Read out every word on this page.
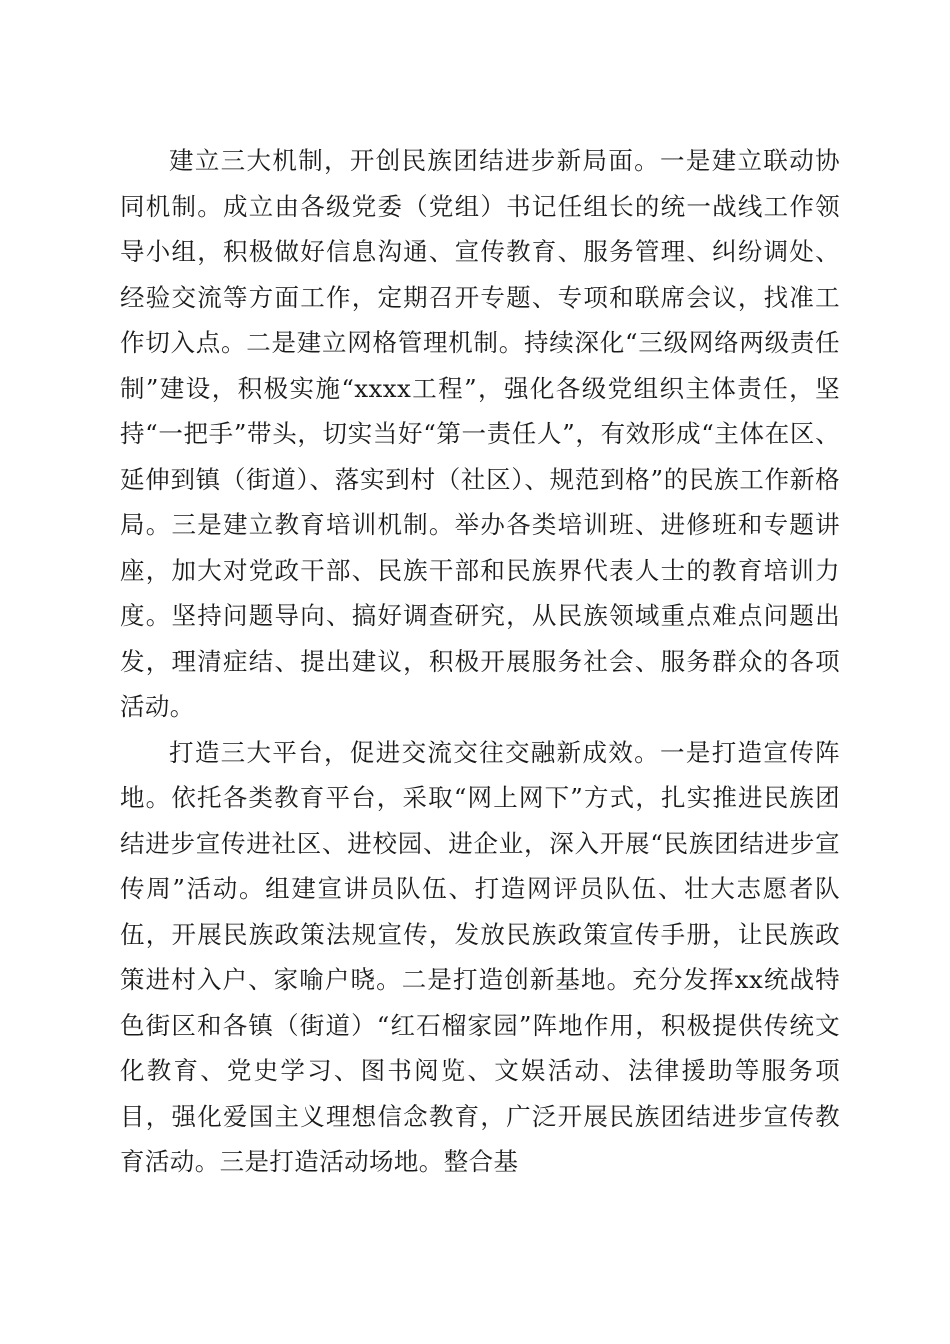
建立三大机制，开创民族团结进步新局面。一是建立联动协同机制。成立由各级党委（党组）书记任组长的统一战线工作领导小组，积极做好信息沟通、宣传教育、服务管理、纠纷调处、经验交流等方面工作，定期召开专题、专项和联席会议，找准工作切入点。二是建立网格管理机制。持续深化“三级网络两级责任制”建设，积极实施“xxxx工程”，强化各级党组织主体责任，坚持“一把手”带头，切实当好“第一责任人”，有效形成“主体在区、延伸到镇（街道）、落实到村（社区）、规范到格”的民族工作新格局。三是建立教育培训机制。举办各类培训班、进修班和专题讲座，加大对党政干部、民族干部和民族界代表人士的教育培训力度。坚持问题导向、搞好调查研究，从民族领域重点难点问题出发，理清症结、提出建议，积极开展服务社会、服务群众的各项活动。

打造三大平台，促进交流交往交融新成效。一是打造宣传阵地。依托各类教育平台，采取“网上网下”方式，扎实推进民族团结进步宣传进社区、进校园、进企业，深入开展“民族团结进步宣传周”活动。组建宣讲员队伍、打造网评员队伍、壮大志愿者队伍，开展民族政策法规宣传，发放民族政策宣传手册，让民族政策进村入户、家喻户晓。二是打造创新基地。充分发挥xx统战特色街区和各镇（街道）“红石榴家园”阵地作用，积极提供传统文化教育、党史学习、图书阅览、文娱活动、法律援助等服务项目，强化爱国主义理想信念教育，广泛开展民族团结进步宣传教育活动。三是打造活动场地。整合基
